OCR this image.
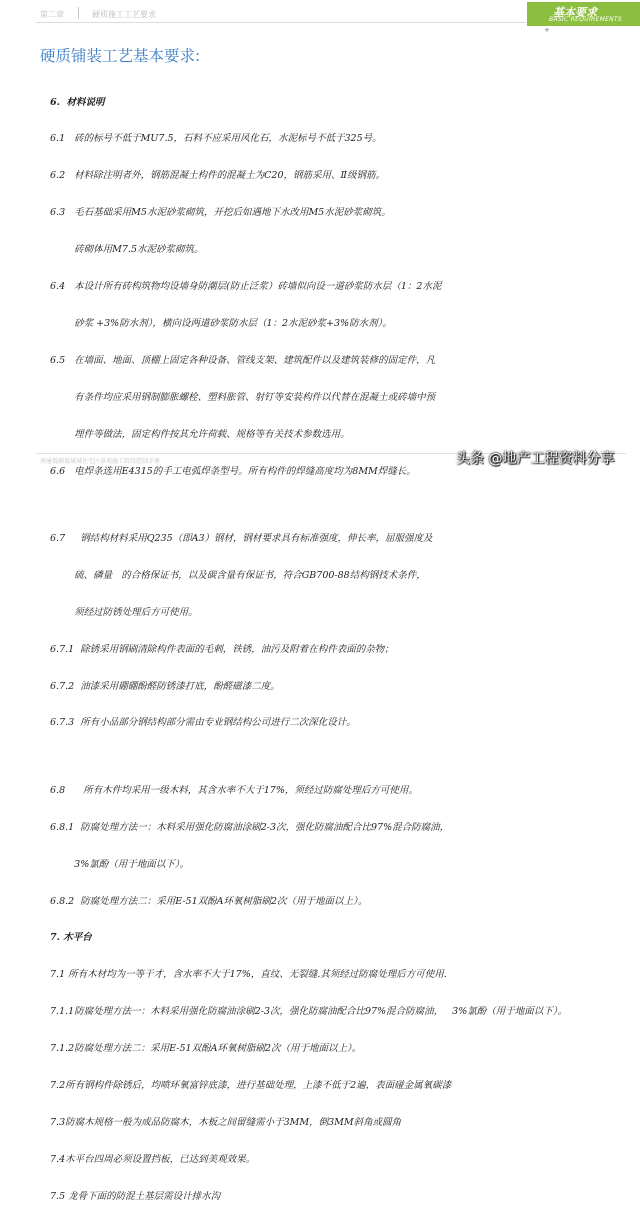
第二章	硬质施工工艺要求	基本要求
BASIC REQUIREMENTS
+
硬质铺装工艺基本要求:

6.  材料说明

6.1   砖的标号不低于MU7.5，石料不应采用风化石，水泥标号不低于325号。

6.2   材料除注明者外，钢筋混凝土构件的混凝土为C20，钢筋采用、Ⅱ级钢筋。

6.3   毛石基础采用M5水泥砂浆砌筑，开挖后如遇地下水改用M5水泥砂浆砌筑。

砖砌体用M7.5水泥砂浆砌筑。

6.4   本设计所有砖构筑物均设墙身防潮层(防止泛浆）砖墙似向设一道砂浆防水层（1：2水泥

砂浆 +3%防水剂），横向设两道砂浆防水层（1：2水泥砂浆+3%防水剂）。

6.5   在墙面、地面、顶棚上固定各种设备、管线支架、建筑配件以及建筑装修的固定件，凡

有条件均应采用钢制膨胀螺栓、塑料胀管、射钉等安装构件以代替在混凝土或砖墙中预

埋件等做法，固定构件按其允许荷载、规格等有关技术参数选用。

6.6   电焊条选用E4315的手工电弧焊条型号。所有构件的焊缝高度均为8MM焊缝长。

6.7     钢结构材料采用Q235（即A3）钢材，钢材要求具有标准强度，伸长率，屈服强度及

硫、磷量   的合格保证书，以及碳含量有保证书，符合GB700-88结构钢技术条件，

须经过防锈处理后方可使用。

6.7.1  除锈采用钢刷清除构件表面的毛刺，铁锈，油污及附着在构件表面的杂物；

6.7.2  油漆采用硼硼酚醛防锈漆打底，酚醛磁漆二度。

6.7.3  所有小品部分钢结构部分需由专业钢结构公司进行二次深化设计。

6.8      所有木件均采用一级木料，其含水率不大于17%，须经过防腐处理后方可使用。

6.8.1  防腐处理方法一：木料采用强化防腐油涂刷2-3次，强化防腐油配合比97%混合防腐油，

3%氯酚（用于地面以下）。

6.8.2  防腐处理方法二：采用E-51双酚A环氧树脂刷2次（用于地面以上）。

7. 木平台

7.1 所有木材均为一等干才，含水率不大于17%，直纹、无裂缝.其须经过防腐处理后方可使用.

7.1.1防腐处理方法一：木料采用强化防腐油涂刷2-3次，强化防腐油配合比97%混合防腐油，   3%氯酚（用于地面以下）。

7.1.2防腐处理方法二：采用E-51双酚A环氧树脂刷2次（用于地面以上）。

7.2所有钢构件除锈后，均喷环氧富锌底漆，进行基础处理，上漆不低于2遍，表面碰金属氧碳漆

7.3防腐木规格一般为成品防腐木，木板之间留缝需小于3MM，倒3MM斜角或圆角

7.4木平台四周必须设置挡板，已达到美观效果。

7.5 龙骨下面的防混土基层需设计排水沟

南通低碳低城城住宅区景观施工阶段控制手册	头条 @地产工程资料分享
